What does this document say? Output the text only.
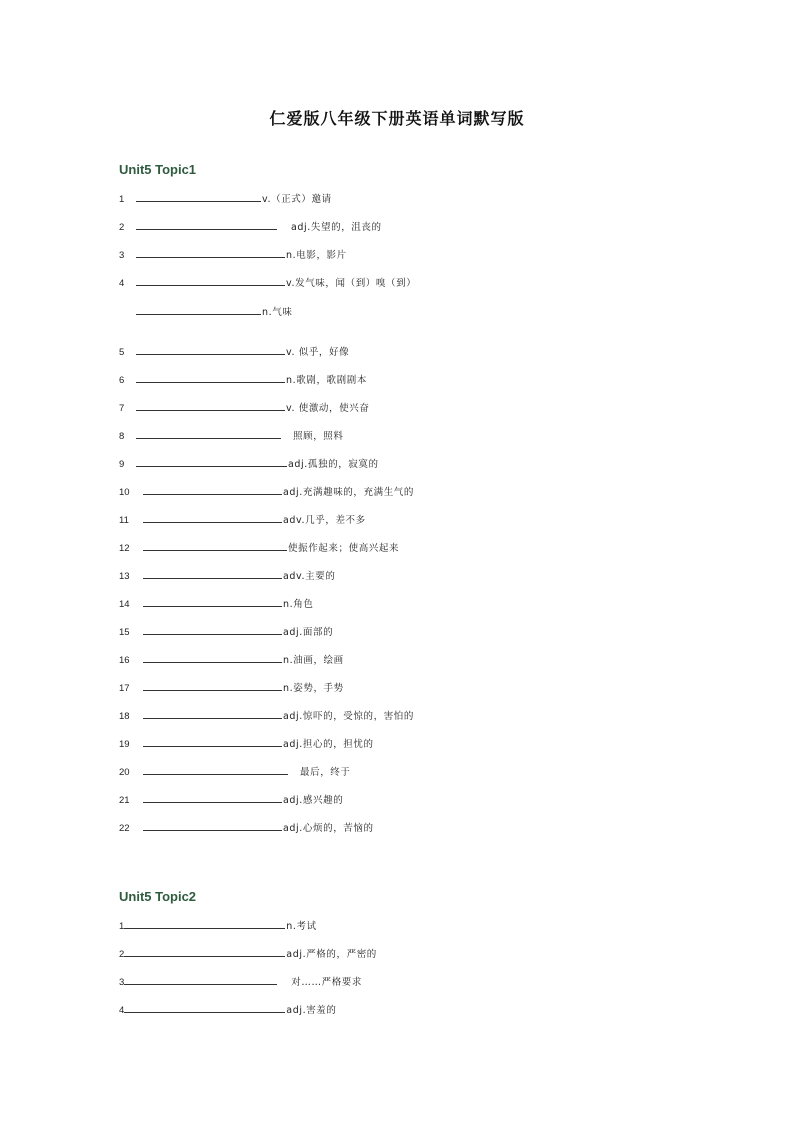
仁爱版八年级下册英语单词默写版
Unit5 Topic1
1	v.（正式）邀请
2	adj.失望的，沮丧的
3	n.电影，影片
4	v.发气味，闻（到）嗅（到）
n.气味
5	v. 似乎，好像
6	n.歌剧，歌剧剧本
7	v. 使激动，使兴奋
8	照顾，照料
9	adj.孤独的，寂寞的
10	adj.充满趣味的，充满生气的
11	adv.几乎，差不多
12	使振作起来；使高兴起来
13	adv.主要的
14	n.角色
15	adj.面部的
16	n.油画，绘画
17	n.姿势，手势
18	adj.惊吓的，受惊的，害怕的
19	adj.担心的，担忧的
20	最后，终于
21	adj.感兴趣的
22	adj.心烦的，苦恼的
Unit5 Topic2
1	n.考试
2	adj.严格的，严密的
3	对……严格要求
4	adj.害羞的
